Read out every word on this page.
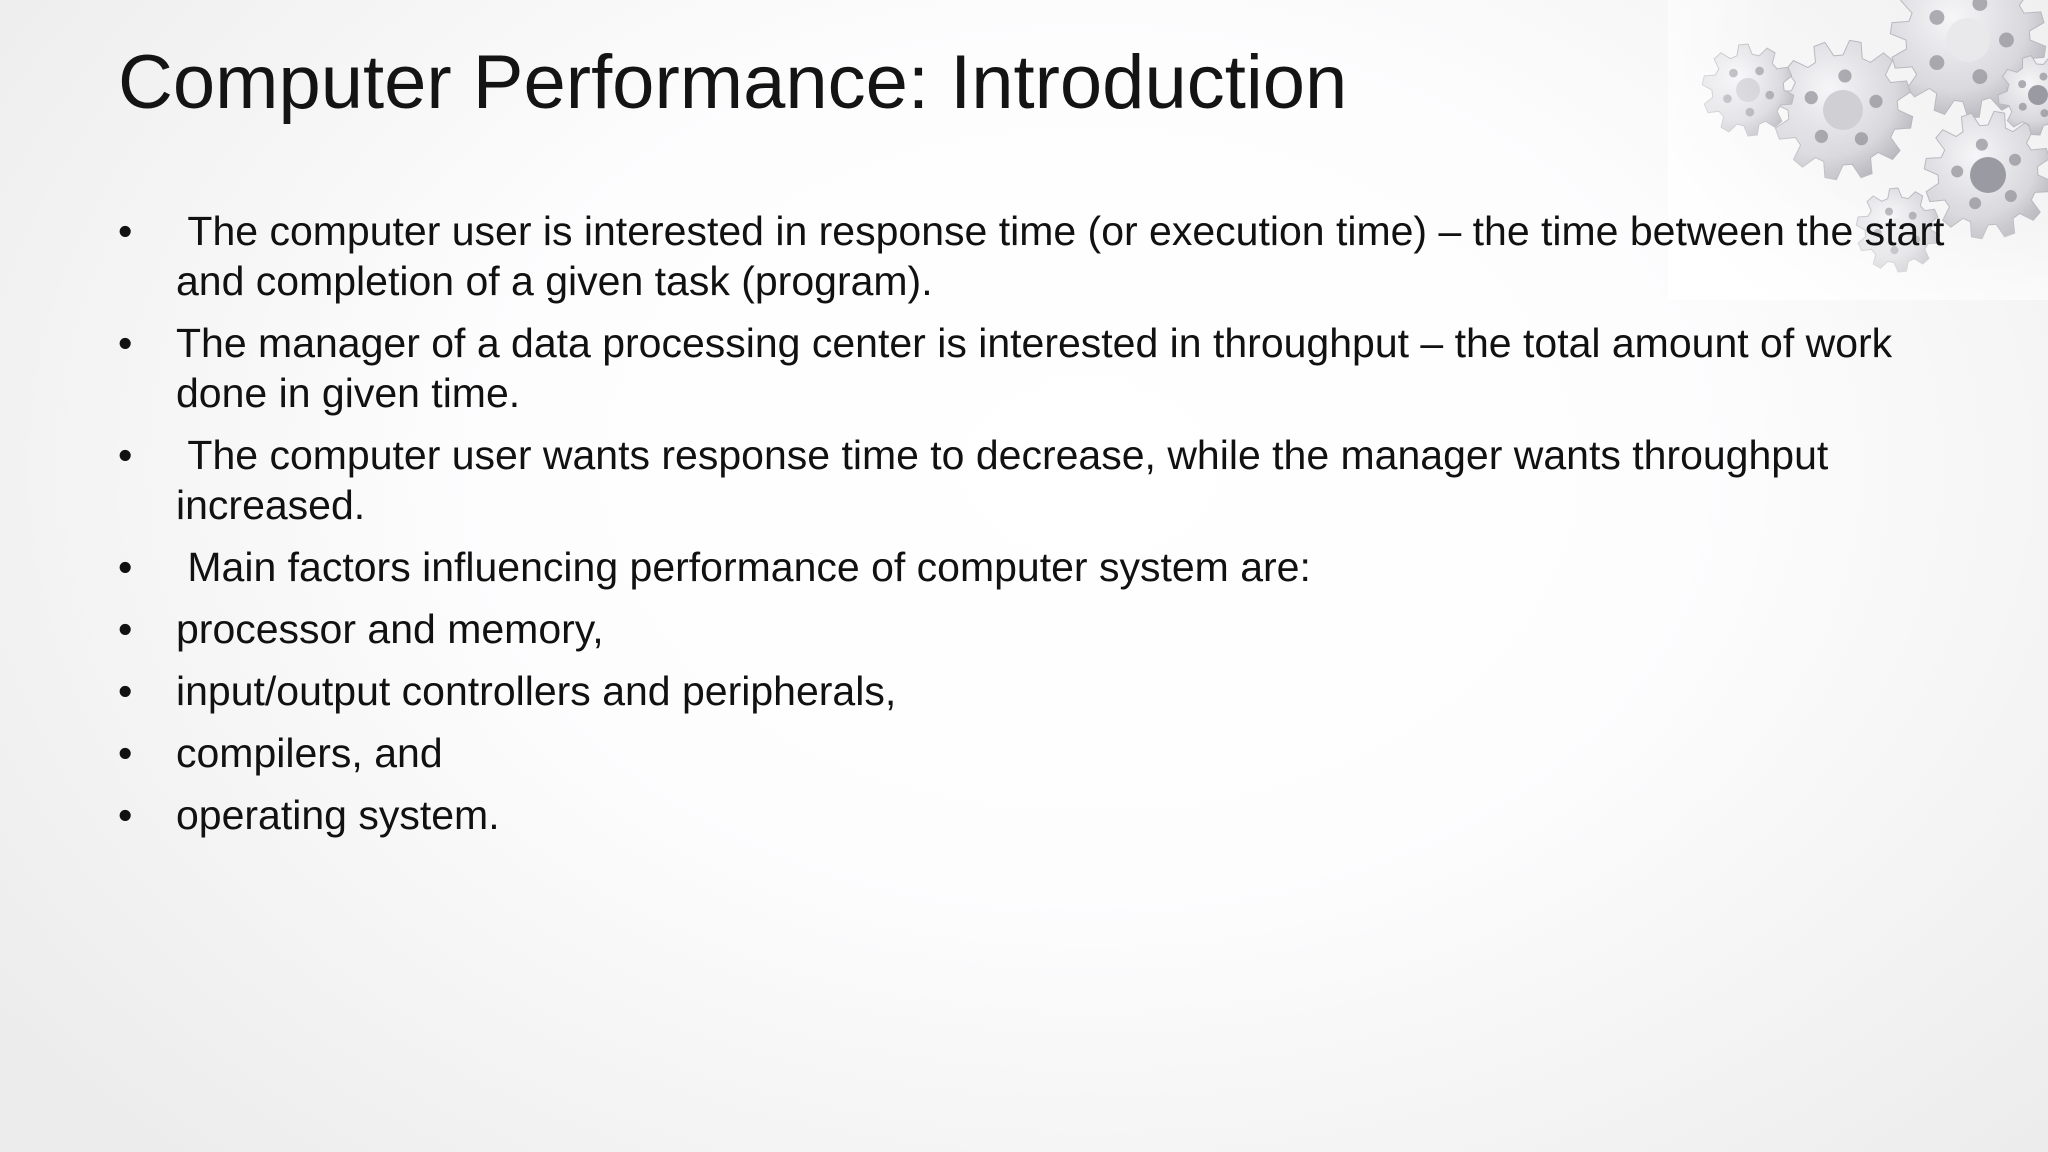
Computer Performance: Introduction
• The computer user is interested in response time (or execution time) – the time between the start and completion of a given task (program).
• The manager of a data processing center is interested in throughput – the total amount of work done in given time.
• The computer user wants response time to decrease, while the manager wants throughput increased.
• Main factors influencing performance of computer system are:
• processor and memory,
• input/output controllers and peripherals,
• compilers, and
• operating system.
